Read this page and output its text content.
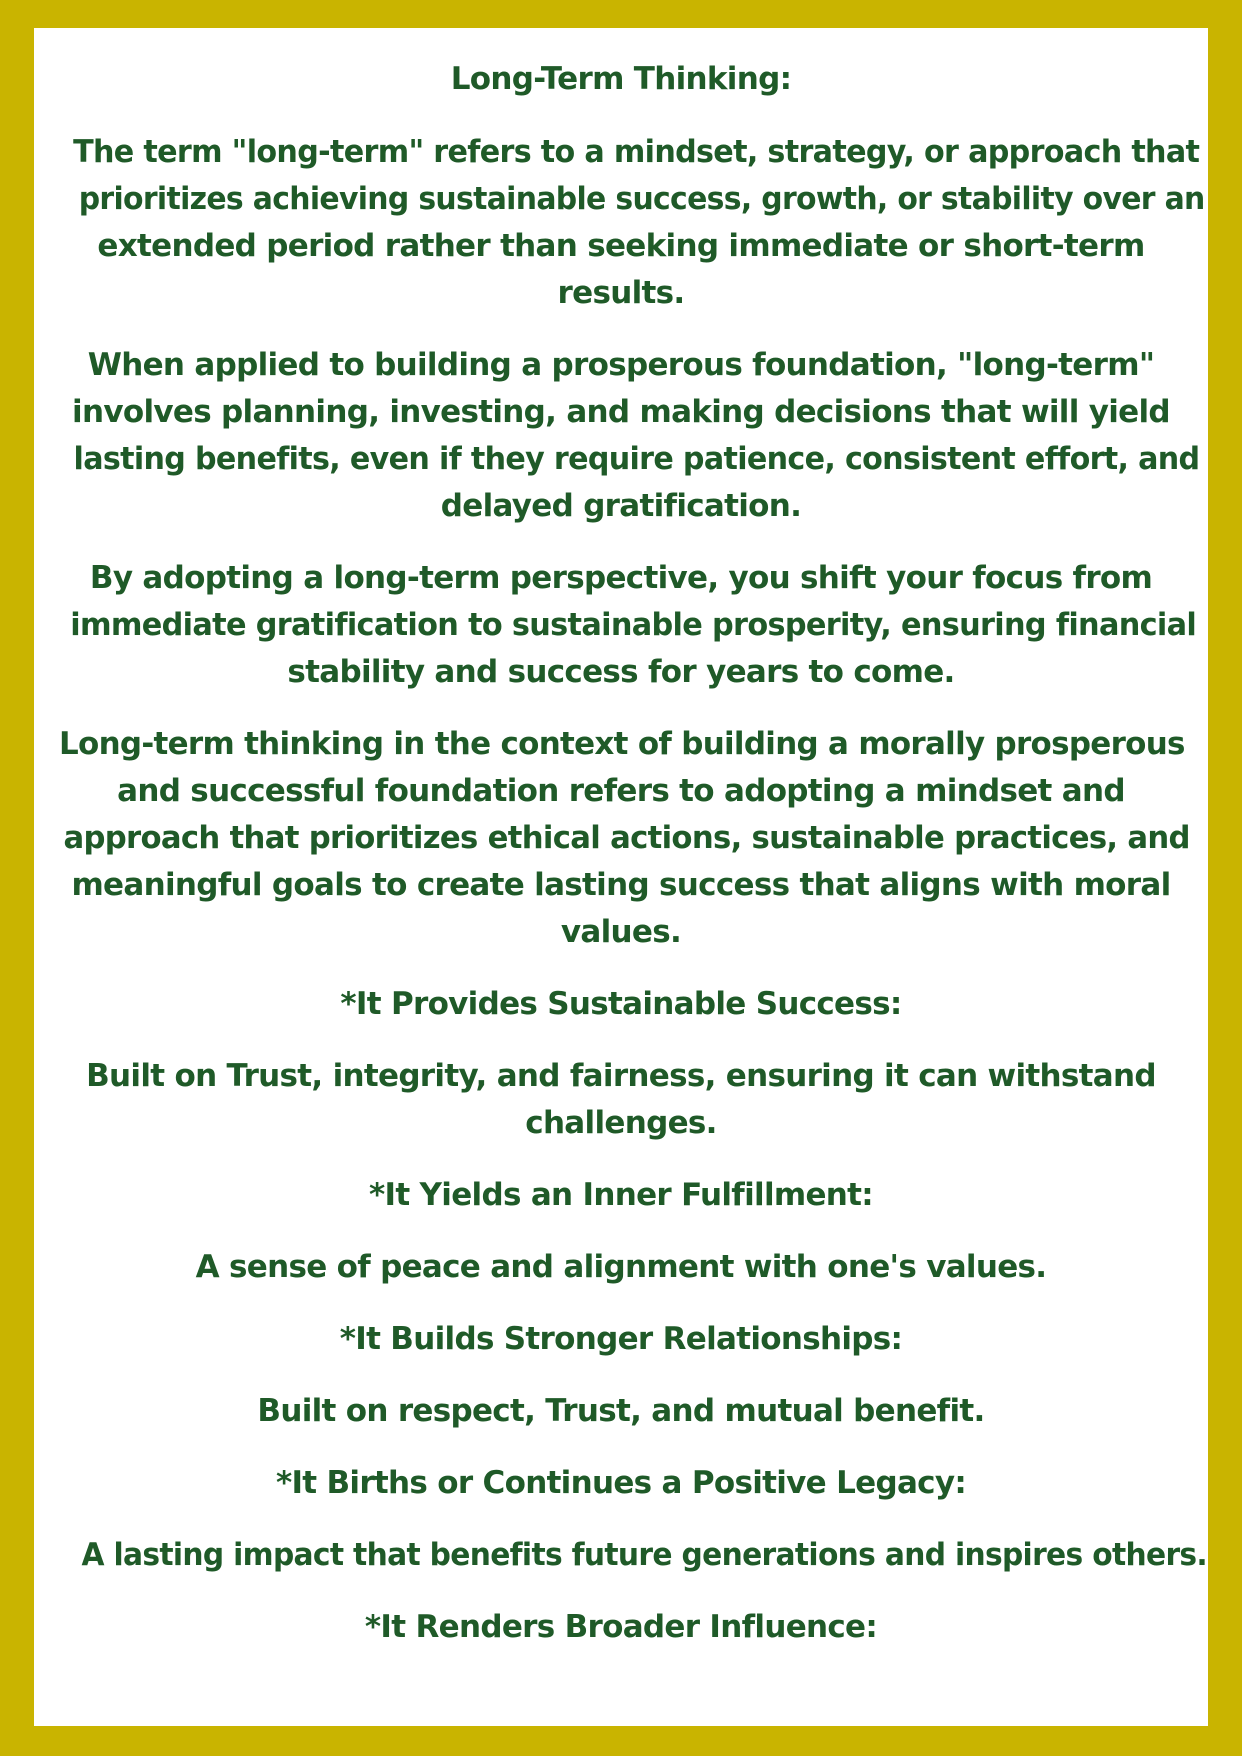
Long-Term Thinking:
The term "long-term" refers to a mindset, strategy, or approach that
prioritizes achieving sustainable success, growth, or stability over an
extended period rather than seeking immediate or short-term
results.
When applied to building a prosperous foundation, "long-term"
involves planning, investing, and making decisions that will yield
lasting benefits, even if they require patience, consistent effort, and
delayed gratification.
By adopting a long-term perspective, you shift your focus from
immediate gratification to sustainable prosperity, ensuring financial
stability and success for years to come.
Long-term thinking in the context of building a morally prosperous
and successful foundation refers to adopting a mindset and
approach that prioritizes ethical actions, sustainable practices, and
meaningful goals to create lasting success that aligns with moral
values.
*It Provides Sustainable Success:
Built on Trust, integrity, and fairness, ensuring it can withstand
challenges.
*It Yields an Inner Fulfillment:
A sense of peace and alignment with one's values.
*It Builds Stronger Relationships:
Built on respect, Trust, and mutual benefit.
*It Births or Continues a Positive Legacy:
A lasting impact that benefits future generations and inspires others.
*It Renders Broader Influence:
